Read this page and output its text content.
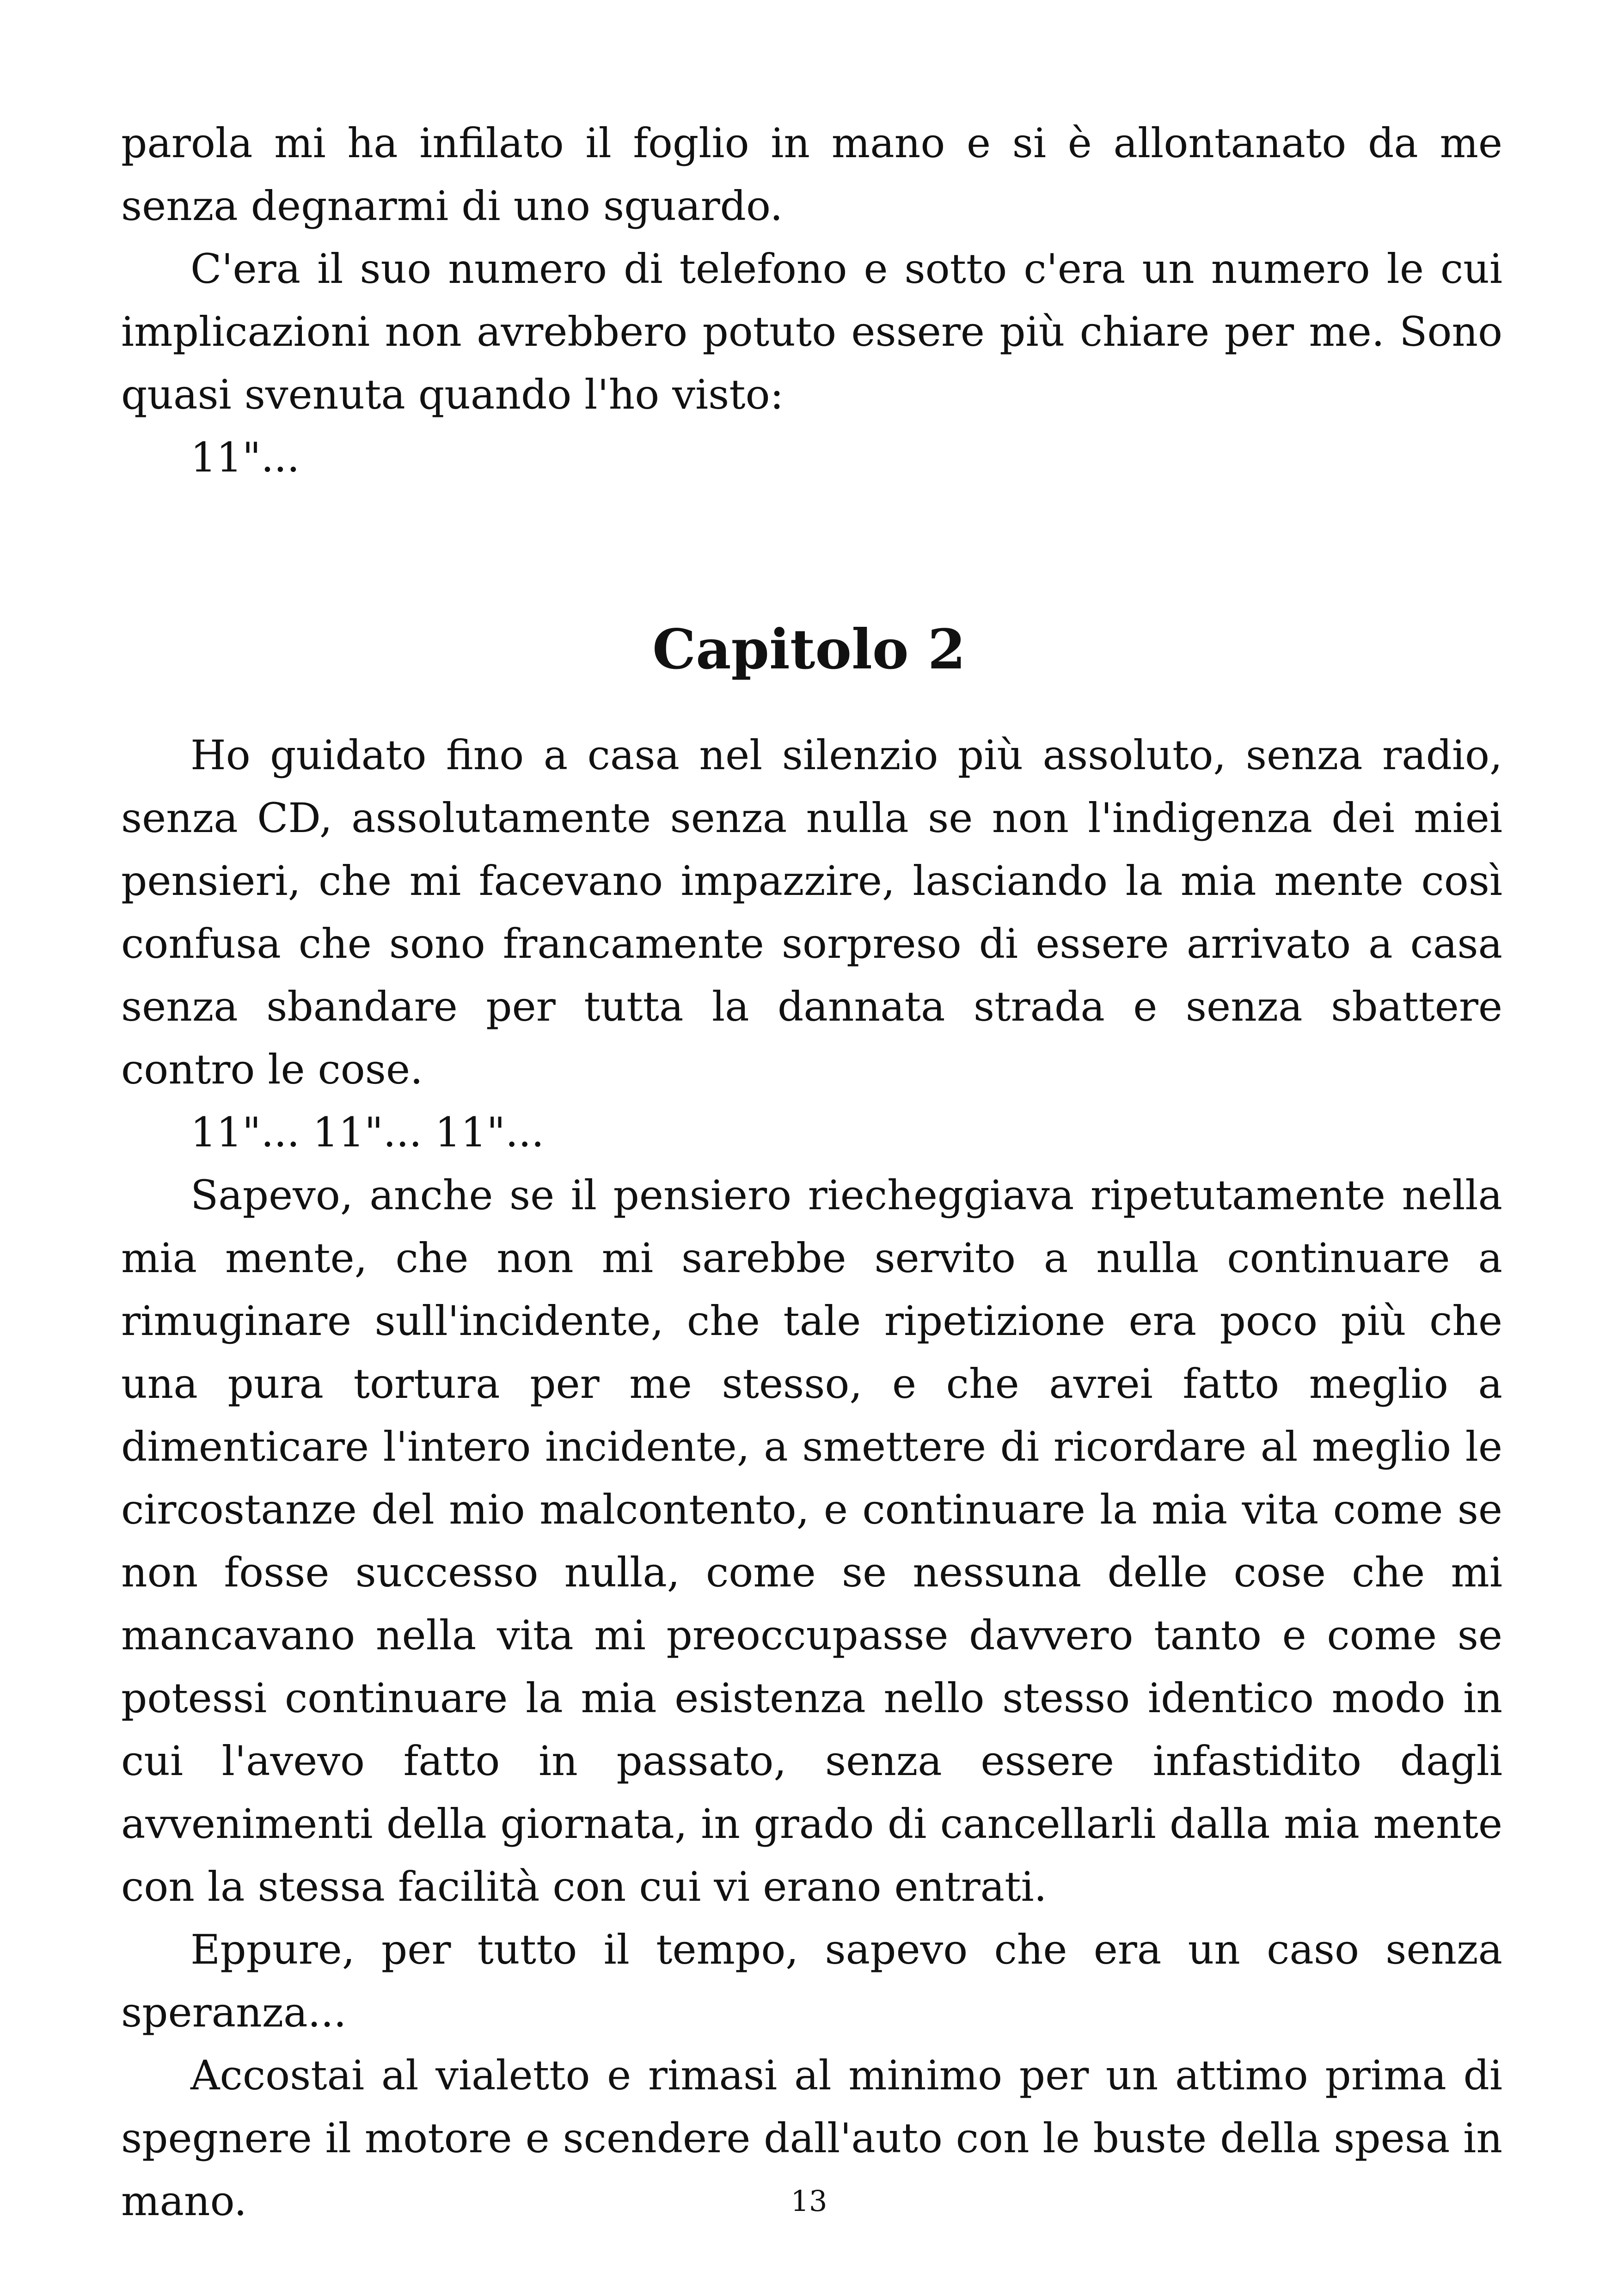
parola mi ha infilato il foglio in mano e si è allontanato da me senza degnarmi di uno sguardo.

C'era il suo numero di telefono e sotto c'era un numero le cui implicazioni non avrebbero potuto essere più chiare per me. Sono quasi svenuta quando l'ho visto:

11"...

Capitolo 2

Ho guidato fino a casa nel silenzio più assoluto, senza radio, senza CD, assolutamente senza nulla se non l'indigenza dei miei pensieri, che mi facevano impazzire, lasciando la mia mente così confusa che sono francamente sorpreso di essere arrivato a casa senza sbandare per tutta la dannata strada e senza sbattere contro le cose.

11"... 11"... 11"...

Sapevo, anche se il pensiero riecheggiava ripetutamente nella mia mente, che non mi sarebbe servito a nulla continuare a rimuginare sull'incidente, che tale ripetizione era poco più che una pura tortura per me stesso, e che avrei fatto meglio a dimenticare l'intero incidente, a smettere di ricordare al meglio le circostanze del mio malcontento, e continuare la mia vita come se non fosse successo nulla, come se nessuna delle cose che mi mancavano nella vita mi preoccupasse davvero tanto e come se potessi continuare la mia esistenza nello stesso identico modo in cui l'avevo fatto in passato, senza essere infastidito dagli avvenimenti della giornata, in grado di cancellarli dalla mia mente con la stessa facilità con cui vi erano entrati.

Eppure, per tutto il tempo, sapevo che era un caso senza speranza...

Accostai al vialetto e rimasi al minimo per un attimo prima di spegnere il motore e scendere dall'auto con le buste della spesa in mano.	13
